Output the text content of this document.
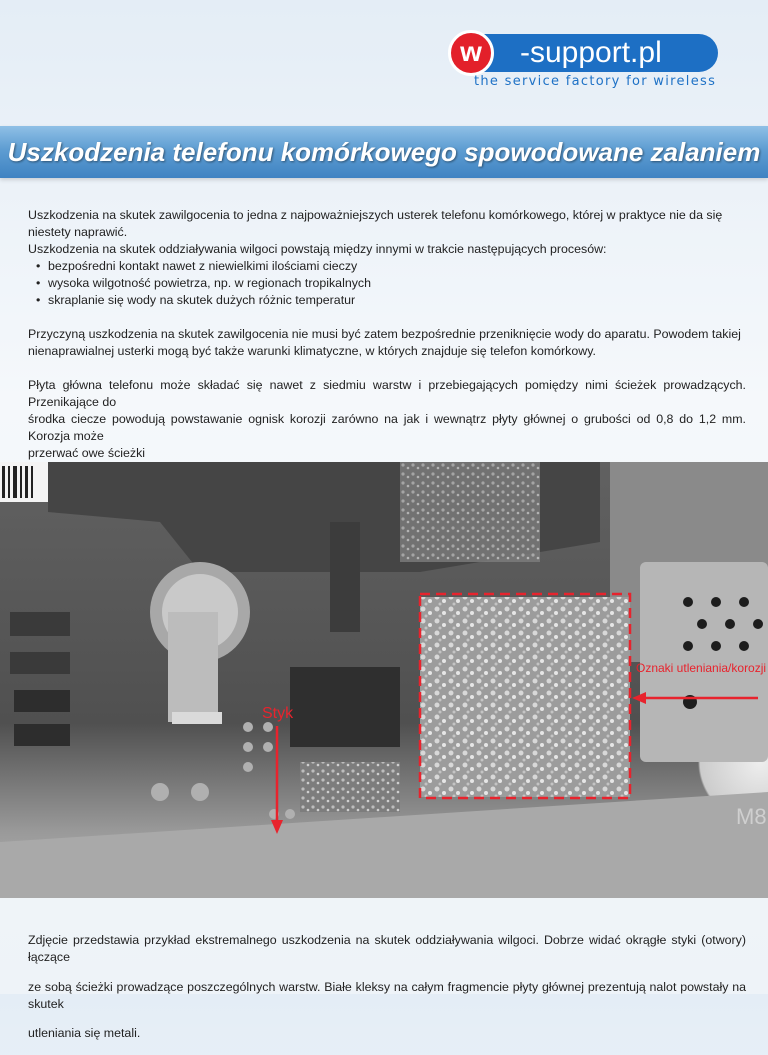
-support.pl
w
the service factory for wireless
Uszkodzenia telefonu komórkowego spowodowane zalaniem

Uszkodzenia na skutek zawilgocenia to jedna z najpoważniejszych usterek telefonu komórkowego, której w praktyce nie da się

niestety naprawić.

Uszkodzenia na skutek oddziaływania wilgoci powstają między innymi w trakcie następujących procesów:

• bezpośredni kontakt nawet z niewielkimi ilościami cieczy
• wysoka wilgotność powietrza, np. w regionach tropikalnych
• skraplanie się wody na skutek dużych różnic temperatur

Przyczyną uszkodzenia na skutek zawilgocenia nie musi być zatem bezpośrednie przeniknięcie wody do aparatu. Powodem takiej

nienaprawialnej usterki mogą być także warunki klimatyczne, w których znajduje się telefon komórkowy.

Płyta główna telefonu może składać się nawet z siedmiu warstw i przebiegających pomiędzy nimi ścieżek prowadzących. Przenikające do

środka ciecze powodują powstawanie ognisk korozji zarówno na jak i wewnątrz płyty głównej o grubości od 0,8 do 1,2 mm. Korozja może

przerwać owe ścieżki

M8
Oznaki utleniania/korozji
Styk

Zdjęcie przedstawia przykład ekstremalnego uszkodzenia na skutek oddziaływania wilgoci. Dobrze widać okrągłe styki (otwory) łączące

ze sobą ścieżki prowadzące poszczególnych warstw. Białe kleksy na całym fragmencie płyty głównej prezentują nalot powstały na skutek

utleniania się metali.
